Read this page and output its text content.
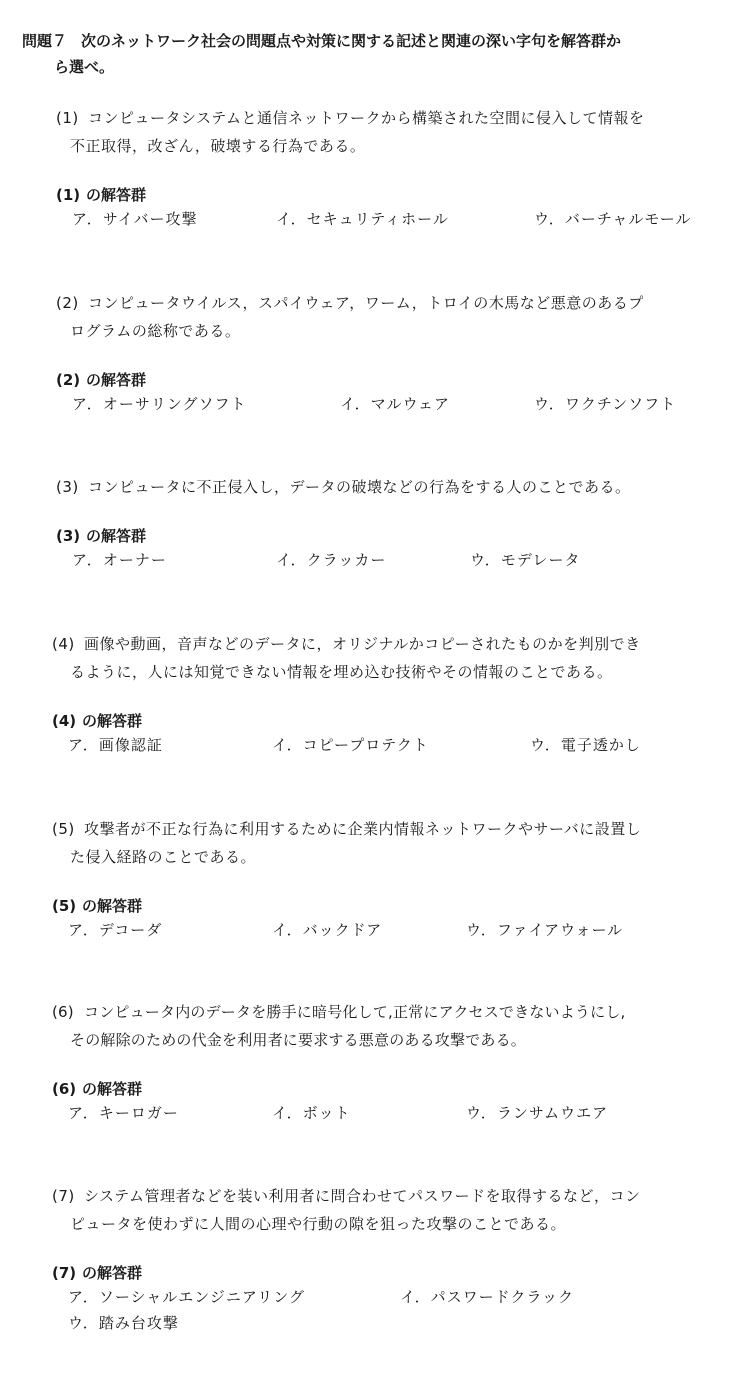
問題７ 次のネットワーク社会の問題点や対策に関する記述と関連の深い字句を解答群か
ら選べ。
(1) コンピュータシステムと通信ネットワークから構築された空間に侵入して情報を
不正取得，改ざん，破壊する行為である。
(1) の解答群
ア．サイバー攻撃	イ．セキュリティホール	ウ．バーチャルモール
(2) コンピュータウイルス，スパイウェア，ワーム，トロイの木馬など悪意のあるプ
ログラムの総称である。
(2) の解答群
ア．オーサリングソフト	イ．マルウェア	ウ．ワクチンソフト
(3) コンピュータに不正侵入し，データの破壊などの行為をする人のことである。
(3) の解答群
ア．オーナー	イ．クラッカー	ウ．モデレータ
(4) 画像や動画，音声などのデータに，オリジナルかコピーされたものかを判別でき
るように，人には知覚できない情報を埋め込む技術やその情報のことである。
(4) の解答群
ア．画像認証	イ．コピープロテクト	ウ．電子透かし
(5) 攻撃者が不正な行為に利用するために企業内情報ネットワークやサーバに設置し
た侵入経路のことである。
(5) の解答群
ア．デコーダ	イ．バックドア	ウ．ファイアウォール
(6) コンピュータ内のデータを勝手に暗号化して,正常にアクセスできないようにし,
その解除のための代金を利用者に要求する悪意のある攻撃である。
(6) の解答群
ア．キーロガー	イ．ボット	ウ．ランサムウエア
(7) システム管理者などを装い利用者に問合わせてパスワードを取得するなど，コン
ピュータを使わずに人間の心理や行動の隙を狙った攻撃のことである。
(7) の解答群
ア．ソーシャルエンジニアリング	イ．パスワードクラック
ウ．踏み台攻撃
